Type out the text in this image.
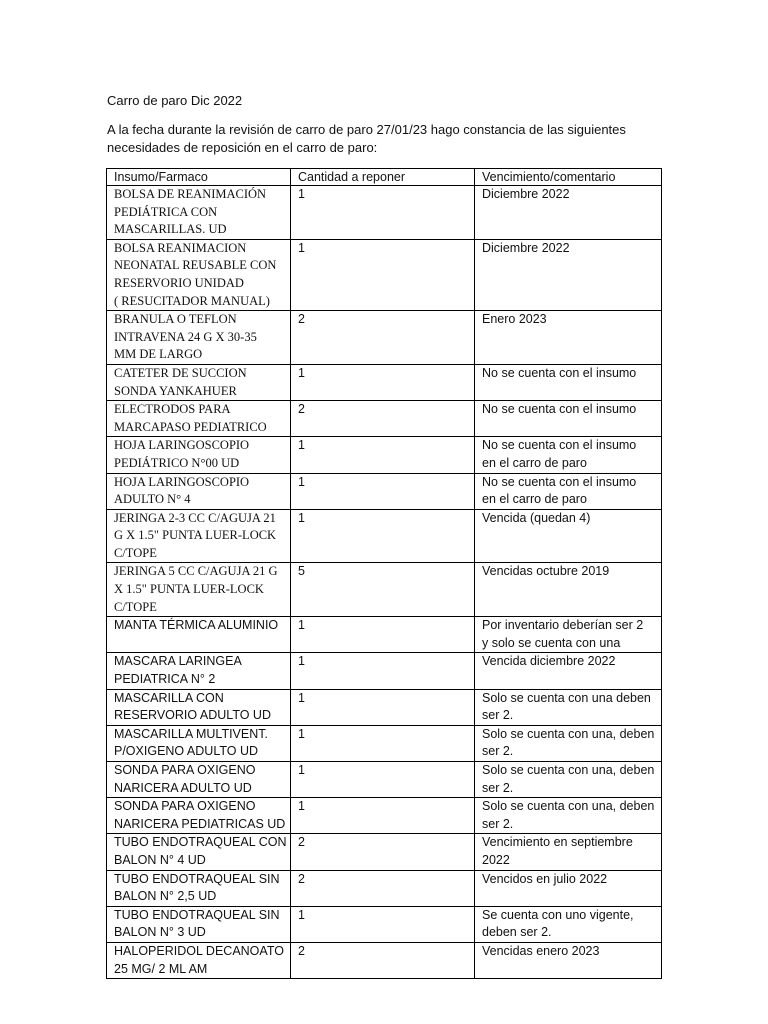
Carro de paro Dic 2022
A la fecha durante la revisión de carro de paro 27/01/23 hago constancia de las siguientes necesidades de reposición en el carro de paro:
Insumo/Farmaco	Cantidad a reponer	Vencimiento/comentario

BOLSA DE REANIMACIÓN
PEDIÁTRICA CON
MASCARILLAS. UD	1	Diciembre 2022

BOLSA REANIMACION
NEONATAL REUSABLE CON
RESERVORIO UNIDAD
( RESUCITADOR MANUAL)	1	Diciembre 2022

BRANULA O TEFLON
INTRAVENA 24 G X 30-35
MM DE LARGO	2	Enero 2023

CATETER DE SUCCION
SONDA YANKAHUER	1	No se cuenta con el insumo

ELECTRODOS PARA
MARCAPASO PEDIATRICO	2	No se cuenta con el insumo

HOJA LARINGOSCOPIO
PEDIÁTRICO N°00 UD	1	No se cuenta con el insumo
en el carro de paro

HOJA LARINGOSCOPIO
ADULTO N° 4	1	No se cuenta con el insumo
en el carro de paro

JERINGA 2-3 CC C/AGUJA 21
G X 1.5" PUNTA LUER-LOCK
C/TOPE	1	Vencida (quedan 4)

JERINGA 5 CC C/AGUJA 21 G
X 1.5" PUNTA LUER-LOCK
C/TOPE	5	Vencidas octubre 2019

MANTA TÉRMICA ALUMINIO	1	Por inventario deberían ser 2
y solo se cuenta con una

MASCARA LARINGEA
PEDIATRICA N° 2	1	Vencida diciembre 2022

MASCARILLA CON
RESERVORIO ADULTO UD	1	Solo se cuenta con una deben
ser 2.

MASCARILLA MULTIVENT.
P/OXIGENO ADULTO UD	1	Solo se cuenta con una, deben
ser 2.

SONDA PARA OXIGENO
NARICERA ADULTO UD	1	Solo se cuenta con una, deben
ser 2.

SONDA PARA OXIGENO
NARICERA PEDIATRICAS UD	1	Solo se cuenta con una, deben
ser 2.

TUBO ENDOTRAQUEAL CON
BALON N° 4 UD	2	Vencimiento en septiembre
2022

TUBO ENDOTRAQUEAL SIN
BALON N° 2,5 UD	2	Vencidos en julio 2022

TUBO ENDOTRAQUEAL SIN
BALON N° 3 UD	1	Se cuenta con uno vigente,
deben ser 2.

HALOPERIDOL DECANOATO
25 MG/ 2 ML AM	2	Vencidas enero 2023
